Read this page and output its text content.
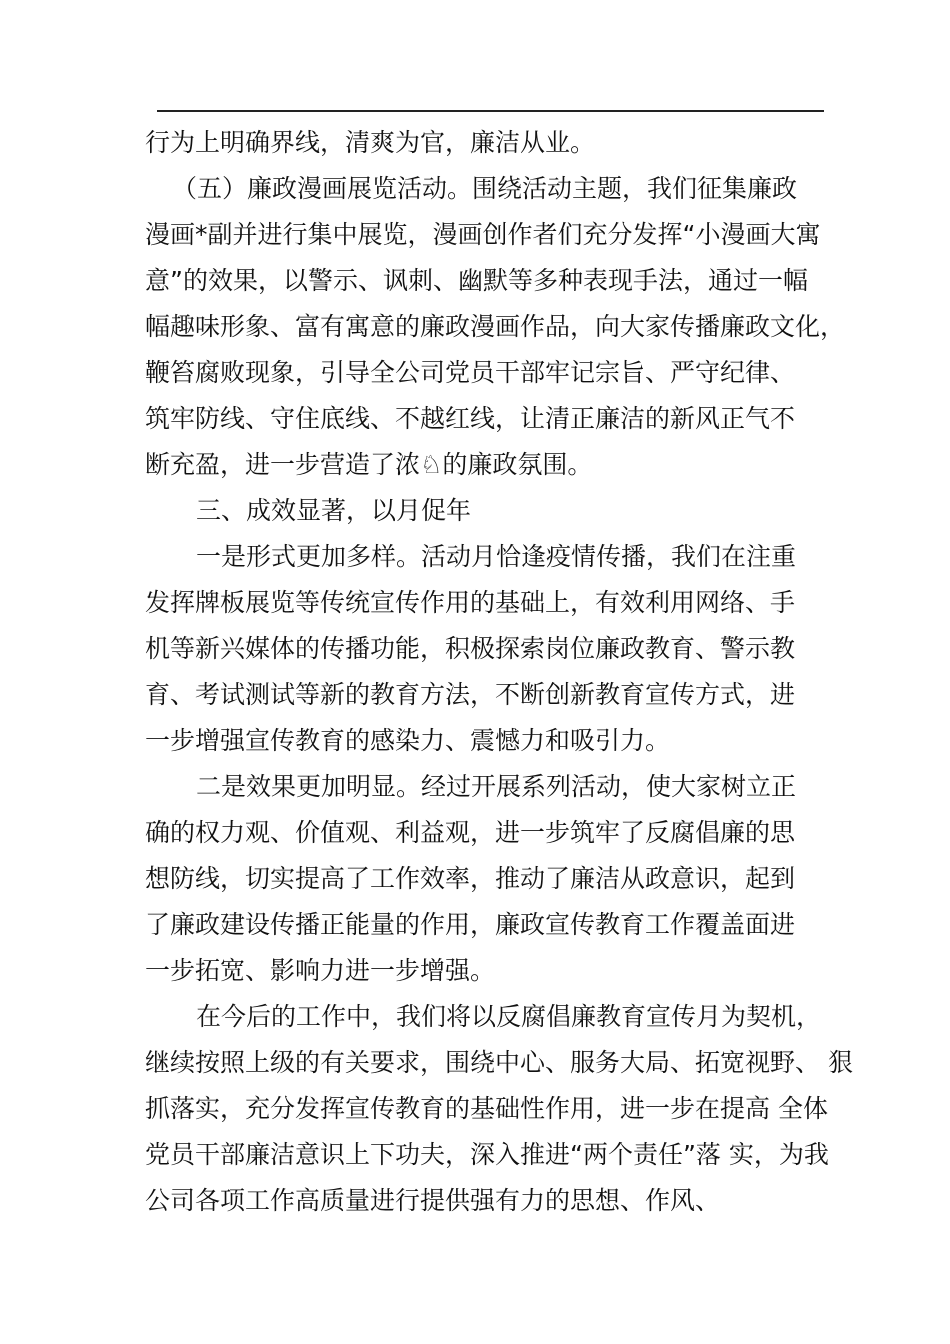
行为上明确界线，清爽为官，廉洁从业。
（五）廉政漫画展览活动。围绕活动主题，我们征集廉政
漫画*副并进行集中展览，漫画创作者们充分发挥“小漫画大寓
意”的效果，以警示、讽刺、幽默等多种表现手法，通过一幅
幅趣味形象、富有寓意的廉政漫画作品，向大家传播廉政文化，
鞭笞腐败现象，引导全公司党员干部牢记宗旨、严守纪律、
筑牢防线、守住底线、不越红线，让清正廉洁的新风正气不
断充盈，进一步营造了浓♘的廉政氛围。
三、成效显著，以月促年
一是形式更加多样。活动月恰逢疫情传播，我们在注重
发挥牌板展览等传统宣传作用的基础上，有效利用网络、手
机等新兴媒体的传播功能，积极探索岗位廉政教育、警示教
育、考试测试等新的教育方法，不断创新教育宣传方式，进
一步增强宣传教育的感染力、震憾力和吸引力。
二是效果更加明显。经过开展系列活动，使大家树立正
确的权力观、价值观、利益观，进一步筑牢了反腐倡廉的思
想防线，切实提高了工作效率，推动了廉洁从政意识，起到
了廉政建设传播正能量的作用，廉政宣传教育工作覆盖面进
一步拓宽、影响力进一步增强。
在今后的工作中，我们将以反腐倡廉教育宣传月为契机，
继续按照上级的有关要求，围绕中心、服务大局、拓宽视野、 狠
抓落实，充分发挥宣传教育的基础性作用，进一步在提高 全体
党员干部廉洁意识上下功夫，深入推进“两个责任”落 实，为我
公司各项工作高质量进行提供强有力的思想、作风、
